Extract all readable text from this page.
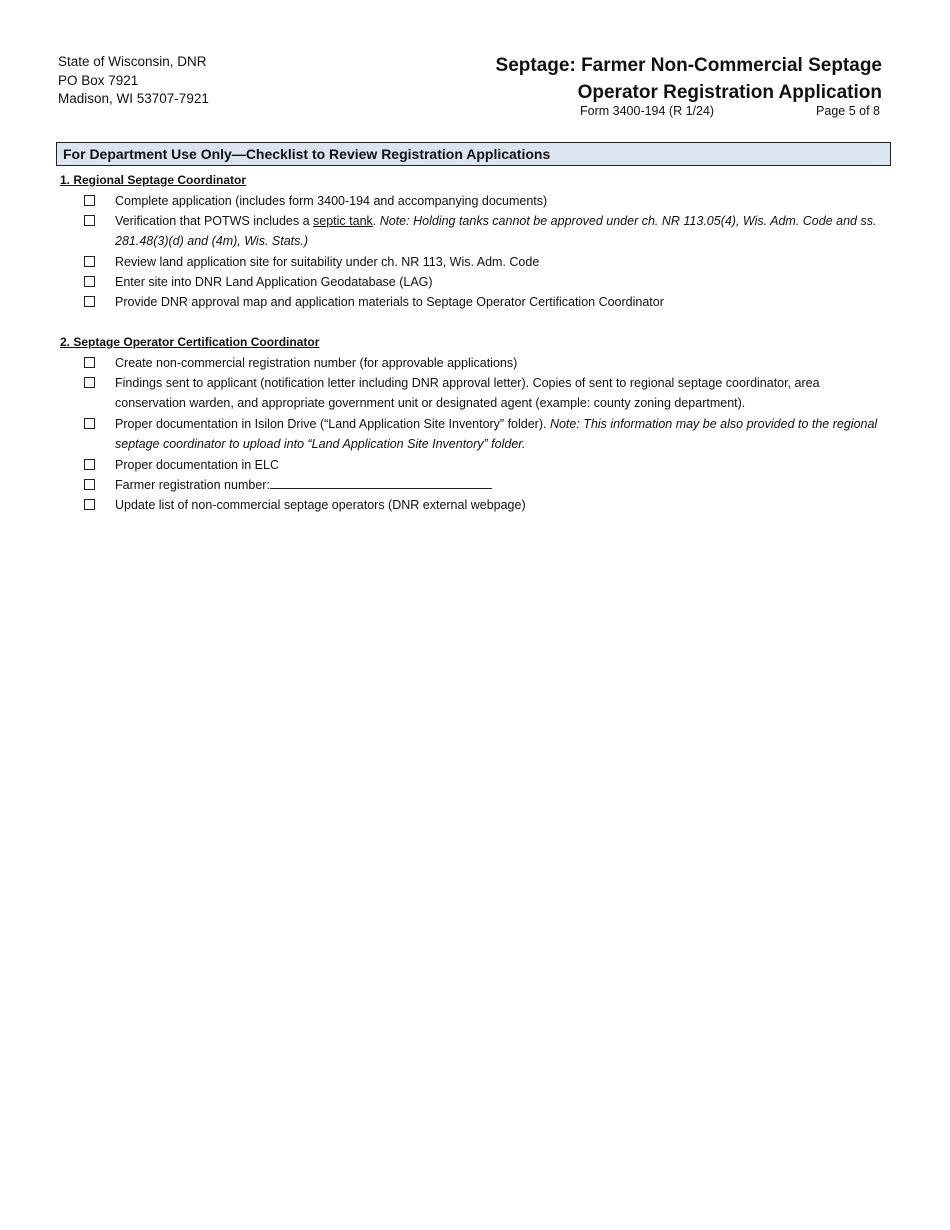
State of Wisconsin, DNR
PO Box 7921
Madison, WI 53707-7921
Septage: Farmer Non-Commercial Septage
Operator Registration Application
Form 3400-194 (R 1/24)	Page 5 of 8
For Department Use Only—Checklist to Review Registration Applications
1. Regional Septage Coordinator
Complete application (includes form 3400-194 and accompanying documents)
Verification that POTWS includes a septic tank. Note: Holding tanks cannot be approved under ch. NR 113.05(4), Wis. Adm. Code and ss. 281.48(3)(d) and (4m), Wis. Stats.)
Review land application site for suitability under ch. NR 113, Wis. Adm. Code
Enter site into DNR Land Application Geodatabase (LAG)
Provide DNR approval map and application materials to Septage Operator Certification Coordinator
2. Septage Operator Certification Coordinator
Create non-commercial registration number (for approvable applications)
Findings sent to applicant (notification letter including DNR approval letter). Copies of sent to regional septage coordinator, area conservation warden, and appropriate government unit or designated agent (example: county zoning department).
Proper documentation in Isilon Drive (“Land Application Site Inventory” folder). Note: This information may be also provided to the regional septage coordinator to upload into “Land Application Site Inventory” folder.
Proper documentation in ELC
Farmer registration number:
Update list of non-commercial septage operators (DNR external webpage)
